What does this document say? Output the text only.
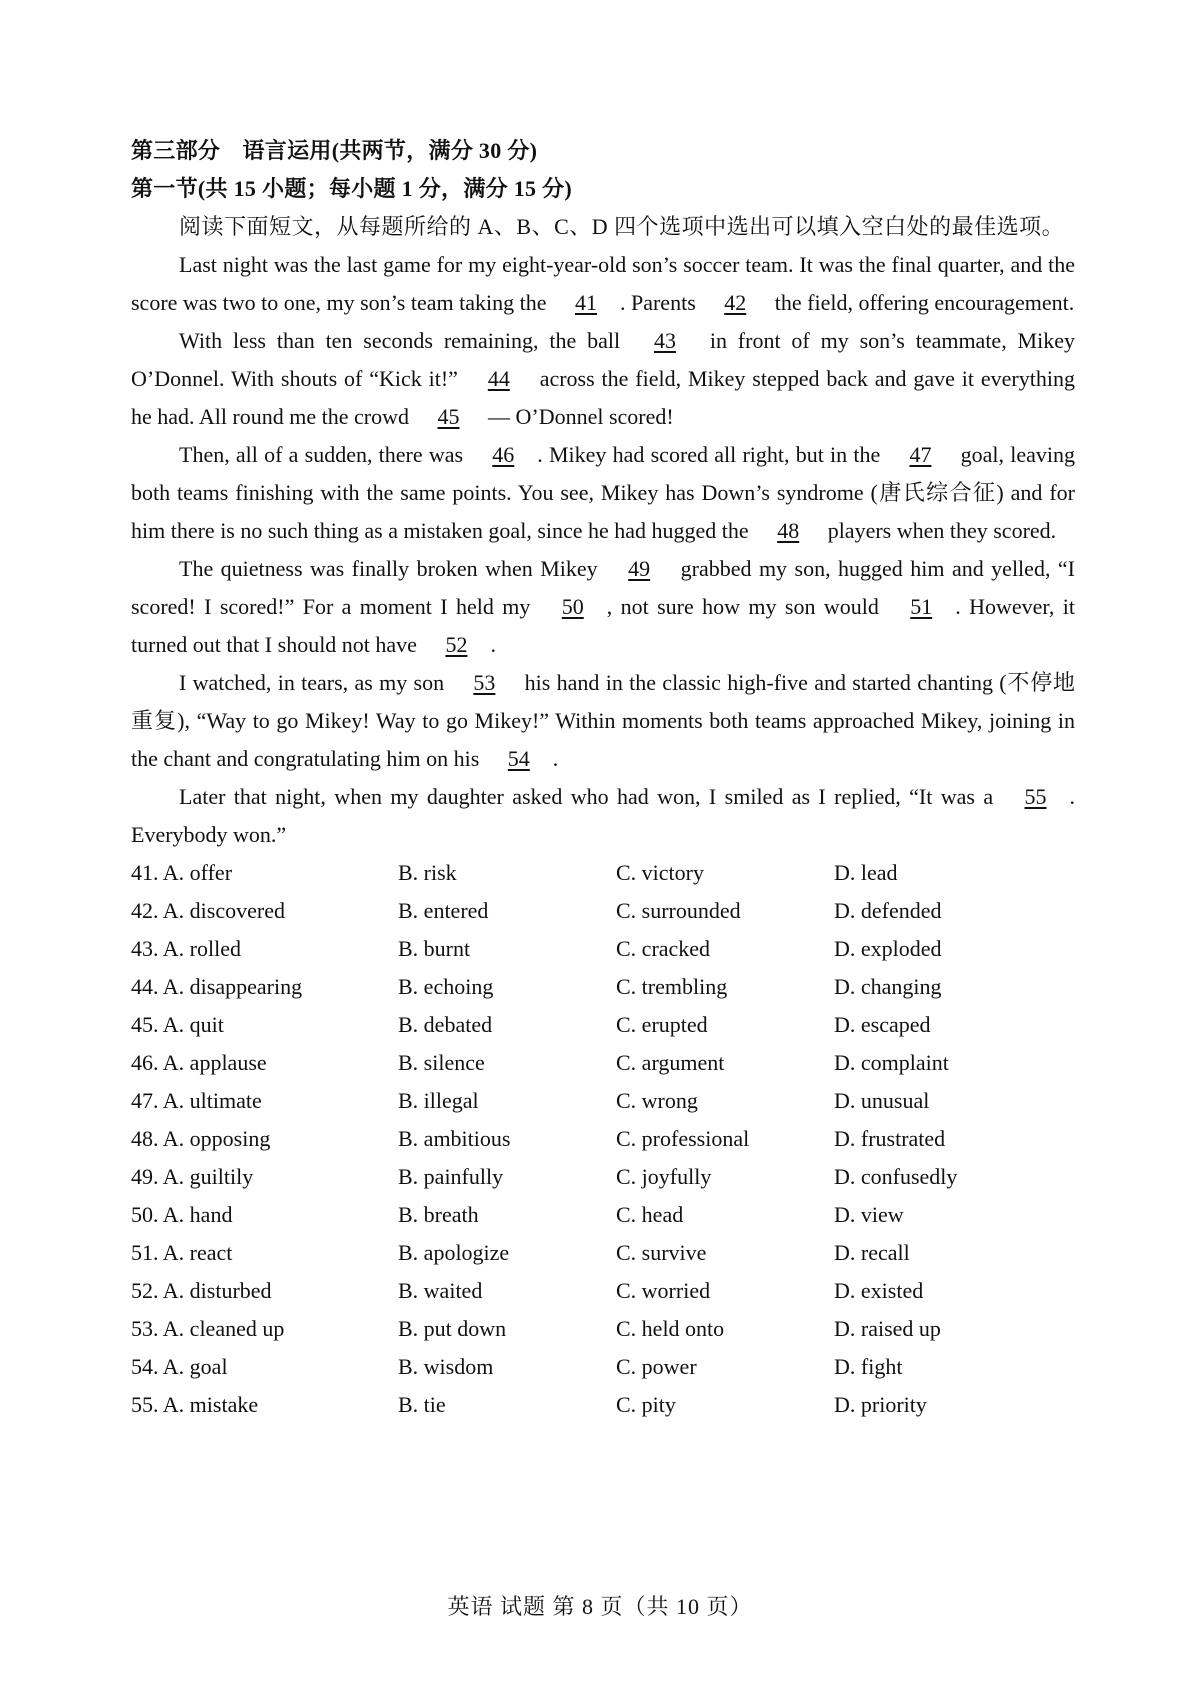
第三部分　语言运用(共两节，满分 30 分)
第一节(共 15 小题；每小题 1 分，满分 15 分)
阅读下面短文，从每题所给的 A、B、C、D 四个选项中选出可以填入空白处的最佳选项。

Last night was the last game for my eight-year-old son’s soccer team. It was the final quarter, and the score was two to one, my son’s team taking the 41 . Parents 42 the field, offering encouragement.

With less than ten seconds remaining, the ball 43 in front of my son’s teammate, Mikey O’Donnel. With shouts of “Kick it!” 44 across the field, Mikey stepped back and gave it everything he had. All round me the crowd 45 — O’Donnel scored!

Then, all of a sudden, there was 46 . Mikey had scored all right, but in the 47 goal, leaving both teams finishing with the same points. You see, Mikey has Down’s syndrome (唐氏综合征) and for him there is no such thing as a mistaken goal, since he had hugged the 48 players when they scored.

The quietness was finally broken when Mikey 49 grabbed my son, hugged him and yelled, “I scored! I scored!” For a moment I held my 50 , not sure how my son would 51 . However, it turned out that I should not have 52 .

I watched, in tears, as my son 53 his hand in the classic high-five and started chanting (不停地重复), “Way to go Mikey! Way to go Mikey!” Within moments both teams approached Mikey, joining in the chant and congratulating him on his 54 .

Later that night, when my daughter asked who had won, I smiled as I replied, “It was a 55 . Everybody won.”

41. A. offer	B. risk	C. victory	D. lead
42. A. discovered	B. entered	C. surrounded	D. defended
43. A. rolled	B. burnt	C. cracked	D. exploded
44. A. disappearing	B. echoing	C. trembling	D. changing
45. A. quit	B. debated	C. erupted	D. escaped
46. A. applause	B. silence	C. argument	D. complaint
47. A. ultimate	B. illegal	C. wrong	D. unusual
48. A. opposing	B. ambitious	C. professional	D. frustrated
49. A. guiltily	B. painfully	C. joyfully	D. confusedly
50. A. hand	B. breath	C. head	D. view
51. A. react	B. apologize	C. survive	D. recall
52. A. disturbed	B. waited	C. worried	D. existed
53. A. cleaned up	B. put down	C. held onto	D. raised up
54. A. goal	B. wisdom	C. power	D. fight
55. A. mistake	B. tie	C. pity	D. priority
英语 试题 第 8 页（共 10 页）
